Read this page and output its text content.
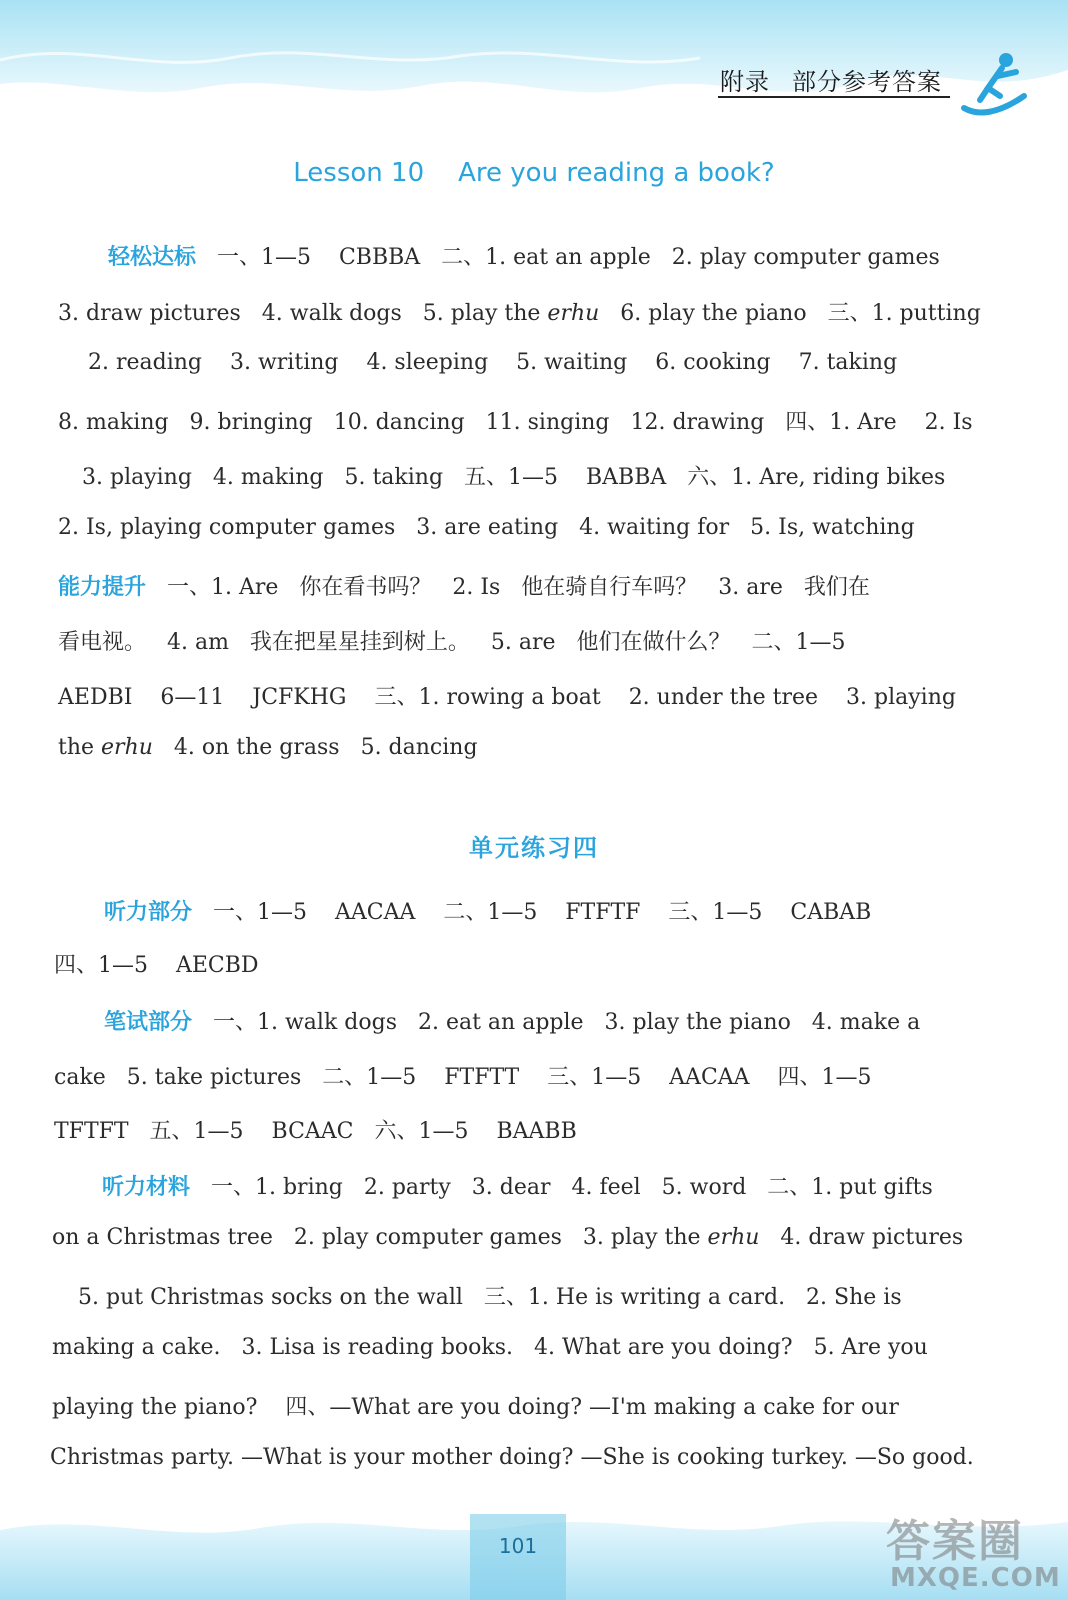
附录 部分参考答案
Lesson 10 Are you reading a book?
轻松达标   一、1—5    CBBBA   二、1. eat an apple   2. play computer games
3. draw pictures   4. walk dogs   5. play the erhu   6. play the piano   三、1. putting
2. reading    3. writing    4. sleeping    5. waiting    6. cooking    7. taking
8. making   9. bringing   10. dancing   11. singing   12. drawing   四、1. Are    2. Is
3. playing   4. making   5. taking   五、1—5    BABBA   六、1. Are, riding bikes
2. Is, playing computer games   3. are eating   4. waiting for   5. Is, watching
能力提升   一、1. Are   你在看书吗？   2. Is   他在骑自行车吗？   3. are   我们在
看电视。   4. am   我在把星星挂到树上。   5. are   他们在做什么？   二、1—5
AEDBI    6—11    JCFKHG    三、1. rowing a boat    2. under the tree    3. playing
the erhu   4. on the grass   5. dancing
单元练习四
听力部分   一、1—5    AACAA    二、1—5    FTFTF    三、1—5    CABAB
四、1—5    AECBD
笔试部分   一、1. walk dogs   2. eat an apple   3. play the piano   4. make a
cake   5. take pictures   二、1—5    FTFTT    三、1—5    AACAA    四、1—5
TFTFT   五、1—5    BCAAC   六、1—5    BAABB
听力材料   一、1. bring   2. party   3. dear   4. feel   5. word   二、1. put gifts
on a Christmas tree   2. play computer games   3. play the erhu   4. draw pictures
5. put Christmas socks on the wall   三、1. He is writing a card.   2. She is
making a cake.   3. Lisa is reading books.   4. What are you doing?   5. Are you
playing the piano?    四、—What are you doing? —I'm making a cake for our
Christmas party. —What is your mother doing? —She is cooking turkey. —So good.
101	答案圈
MXQE.COM
